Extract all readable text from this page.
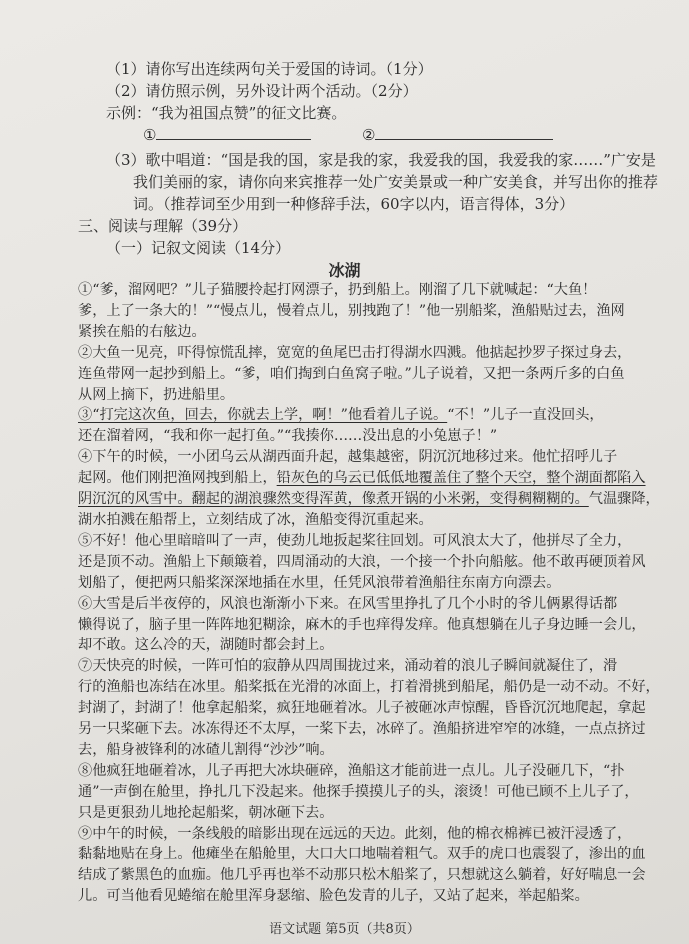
（1）请你写出连续两句关于爱国的诗词。（1分）
（2）请仿照示例，另外设计两个活动。（2分）
示例：“我为祖国点赞”的征文比赛。
①	②
（3）歌中唱道：“国是我的国，家是我的家，我爱我的国，我爱我的家……”广安是
我们美丽的家，请你向来宾推荐一处广安美景或一种广安美食，并写出你的推荐
词。（推荐词至少用到一种修辞手法，60字以内，语言得体，3分）
三、阅读与理解（39分）
（一）记叙文阅读（14分）
冰湖
①“爹，溜网吧？”儿子猫腰拎起打网漂子，扔到船上。刚溜了几下就喊起：“大鱼！
爹，上了一条大的！”“慢点儿，慢着点儿，别拽跑了！”他一别船桨，渔船贴过去，渔网
紧挨在船的右舷边。
②大鱼一见亮，吓得惊慌乱摔，宽宽的鱼尾巴击打得湖水四溅。他掂起抄罗子探过身去，
连鱼带网一起抄到船上。“爹，咱们掏到白鱼窝子啦。”儿子说着，又把一条两斤多的白鱼
从网上摘下，扔进船里。
③“打完这次鱼，回去，你就去上学，啊！”他看着儿子说。“不！”儿子一直没回头，
还在溜着网，“我和你一起打鱼。”“我揍你……没出息的小兔崽子！”
④下午的时候，一小团乌云从湖西面升起，越集越密，阴沉沉地移过来。他忙招呼儿子
起网。他们刚把渔网拽到船上，铅灰色的乌云已低低地覆盖住了整个天空，整个湖面都陷入
阴沉沉的风雪中。翻起的湖浪骤然变得浑黄，像煮开锅的小米粥，变得稠糊糊的。气温骤降，
湖水拍溅在船帮上，立刻结成了冰，渔船变得沉重起来。
⑤不好！他心里暗暗叫了一声，使劲儿地扳起桨往回划。可风浪太大了，他拼尽了全力，
还是顶不动。渔船上下颠簸着，四周涌动的大浪，一个接一个扑向船舷。他不敢再硬顶着风
划船了，便把两只船桨深深地插在水里，任凭风浪带着渔船往东南方向漂去。
⑥大雪是后半夜停的，风浪也渐渐小下来。在风雪里挣扎了几个小时的爷儿俩累得话都
懒得说了，脑子里一阵阵地犯糊涂，麻木的手也痒得发痒。他真想躺在儿子身边睡一会儿，
却不敢。这么冷的天，湖随时都会封上。
⑦天快亮的时候，一阵可怕的寂静从四周围拢过来，涌动着的浪儿子瞬间就凝住了，滑
行的渔船也冻结在冰里。船桨抵在光滑的冰面上，打着滑挑到船尾，船仍是一动不动。不好，
封湖了，封湖了！他拿起船桨，疯狂地砸着冰。儿子被砸冰声惊醒，昏昏沉沉地爬起，拿起
另一只桨砸下去。冰冻得还不太厚，一桨下去，冰碎了。渔船挤进窄窄的冰缝，一点点挤过
去，船身被锋利的冰碴儿割得“沙沙”响。
⑧他疯狂地砸着冰，儿子再把大冰块砸碎，渔船这才能前进一点儿。儿子没砸几下，“扑
通”一声倒在舱里，挣扎几下没起来。他探手摸摸儿子的头，滚烫！可他已顾不上儿子了，
只是更狠劲儿地抡起船桨，朝冰砸下去。
⑨中午的时候，一条线般的暗影出现在远远的天边。此刻，他的棉衣棉裤已被汗浸透了，
黏黏地贴在身上。他瘫坐在船舱里，大口大口地喘着粗气。双手的虎口也震裂了，渗出的血
结成了紫黑色的血痂。他几乎再也举不动那只松木船桨了，只想就这么躺着，好好喘息一会
儿。可当他看见蜷缩在舱里浑身瑟缩、脸色发青的儿子，又站了起来，举起船桨。
语文试题 第5页（共8页）
